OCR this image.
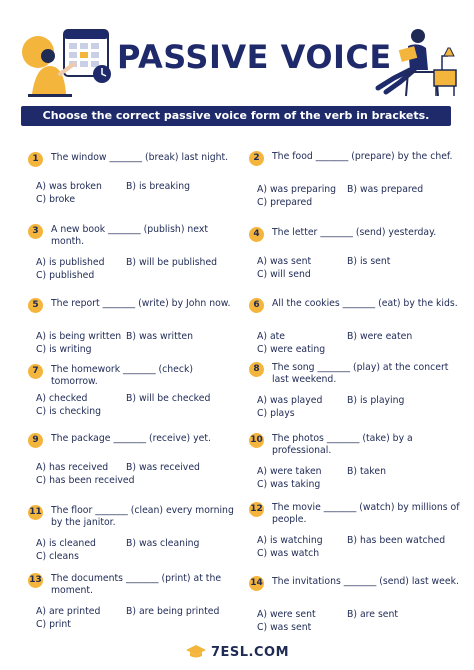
PASSIVE VOICE
Choose the correct passive voice form of the verb in brackets.
1	The window _______ (break) last night.
A) was broken	B) is breaking
C) broke
2	The food _______ (prepare) by the chef.
A) was preparing	B) was prepared
C) prepared
3	A new book _______ (publish) next month.
A) is published	B) will be published
C) published
4	The letter _______ (send) yesterday.
A) was sent	B) is sent
C) will send
5	The report _______ (write) by John now.
A) is being written B) was written
C) is writing
6	All the cookies _______ (eat) by the kids.
A) ate	B) were eaten
C) were eating
7	The homework _______ (check) tomorrow.
A) checked	B) will be checked
C) is checking
8	The song _______ (play) at the concert last weekend.
A) was played	B) is playing
C) plays
9	The package _______ (receive) yet.
A) has received	B) was received
C) has been received
10 The photos _______ (take) by a professional.
A) were taken	B) taken
C) was taking
11 The floor _______ (clean) every morning by the janitor.
A) is cleaned	B) was cleaning
C) cleans
12 The movie _______ (watch) by millions of people.
A) is watching	B) has been watched
C) was watch
13 The documents _______ (print) at the moment.
A) are printed	B) are being printed
C) print
14 The invitations _______ (send) last week.
A) were sent	B) are sent
C) was sent
7ESL.COM
